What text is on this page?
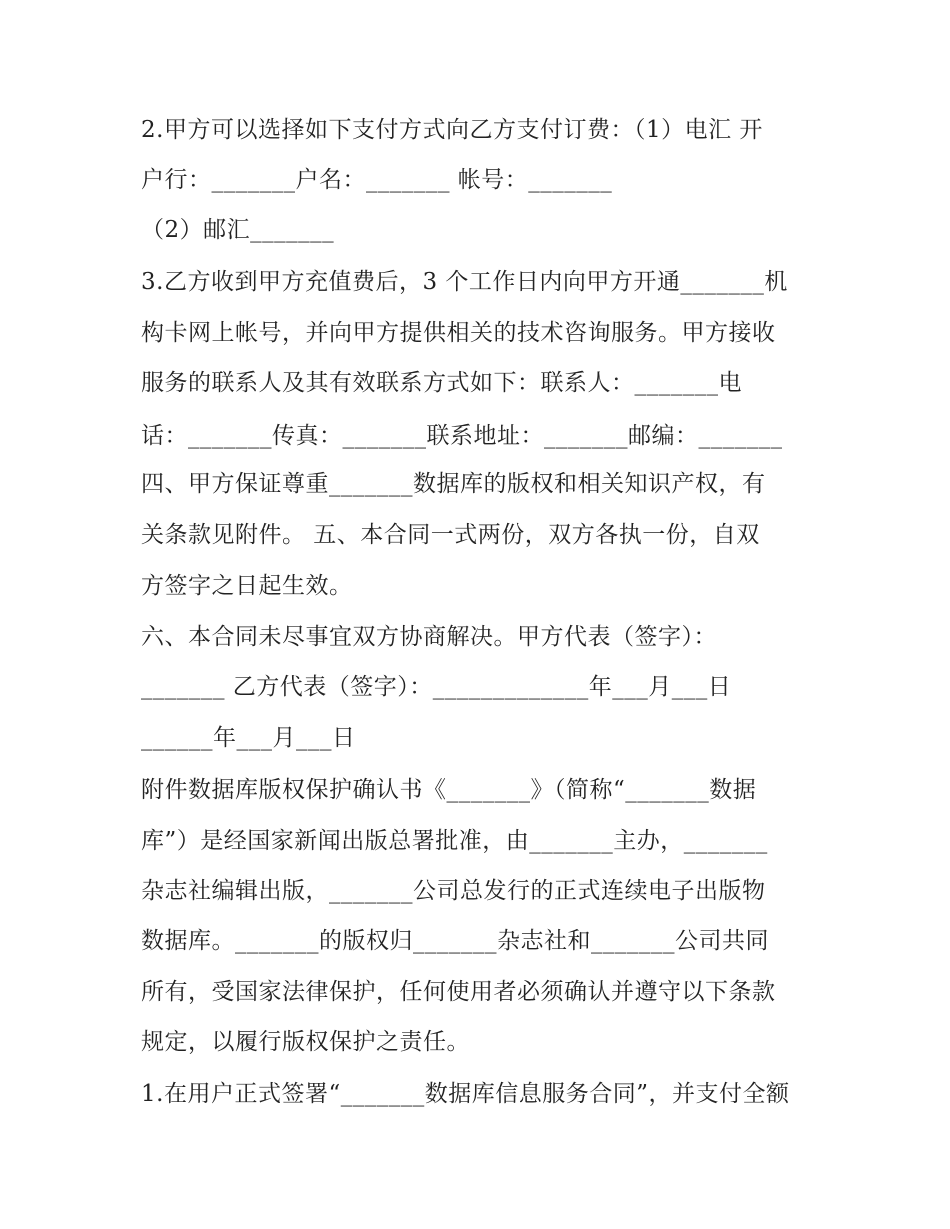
2.甲方可以选择如下支付方式向乙方支付订费：（1）电汇 开
户行：_______户名：_______ 帐号：_______
（2）邮汇_______
3.乙方收到甲方充值费后，3 个工作日内向甲方开通_______机
构卡网上帐号，并向甲方提供相关的技术咨询服务。甲方接收
服务的联系人及其有效联系方式如下：联系人：_______电
话：_______传真：_______联系地址：_______邮编：_______
四、甲方保证尊重_______数据库的版权和相关知识产权，有
关条款见附件。 五、本合同一式两份，双方各执一份，自双
方签字之日起生效。
六、本合同未尽事宜双方协商解决。甲方代表（签字）：
_______ 乙方代表（签字）：_____________年___月___日
______年___月___日
附件数据库版权保护确认书《_______》（简称“_______数据
库”）是经国家新闻出版总署批准，由_______主办，_______
杂志社编辑出版，_______公司总发行的正式连续电子出版物
数据库。_______的版权归_______杂志社和_______公司共同
所有，受国家法律保护，任何使用者必须确认并遵守以下条款
规定，以履行版权保护之责任。
1.在用户正式签署“_______数据库信息服务合同”，并支付全额
